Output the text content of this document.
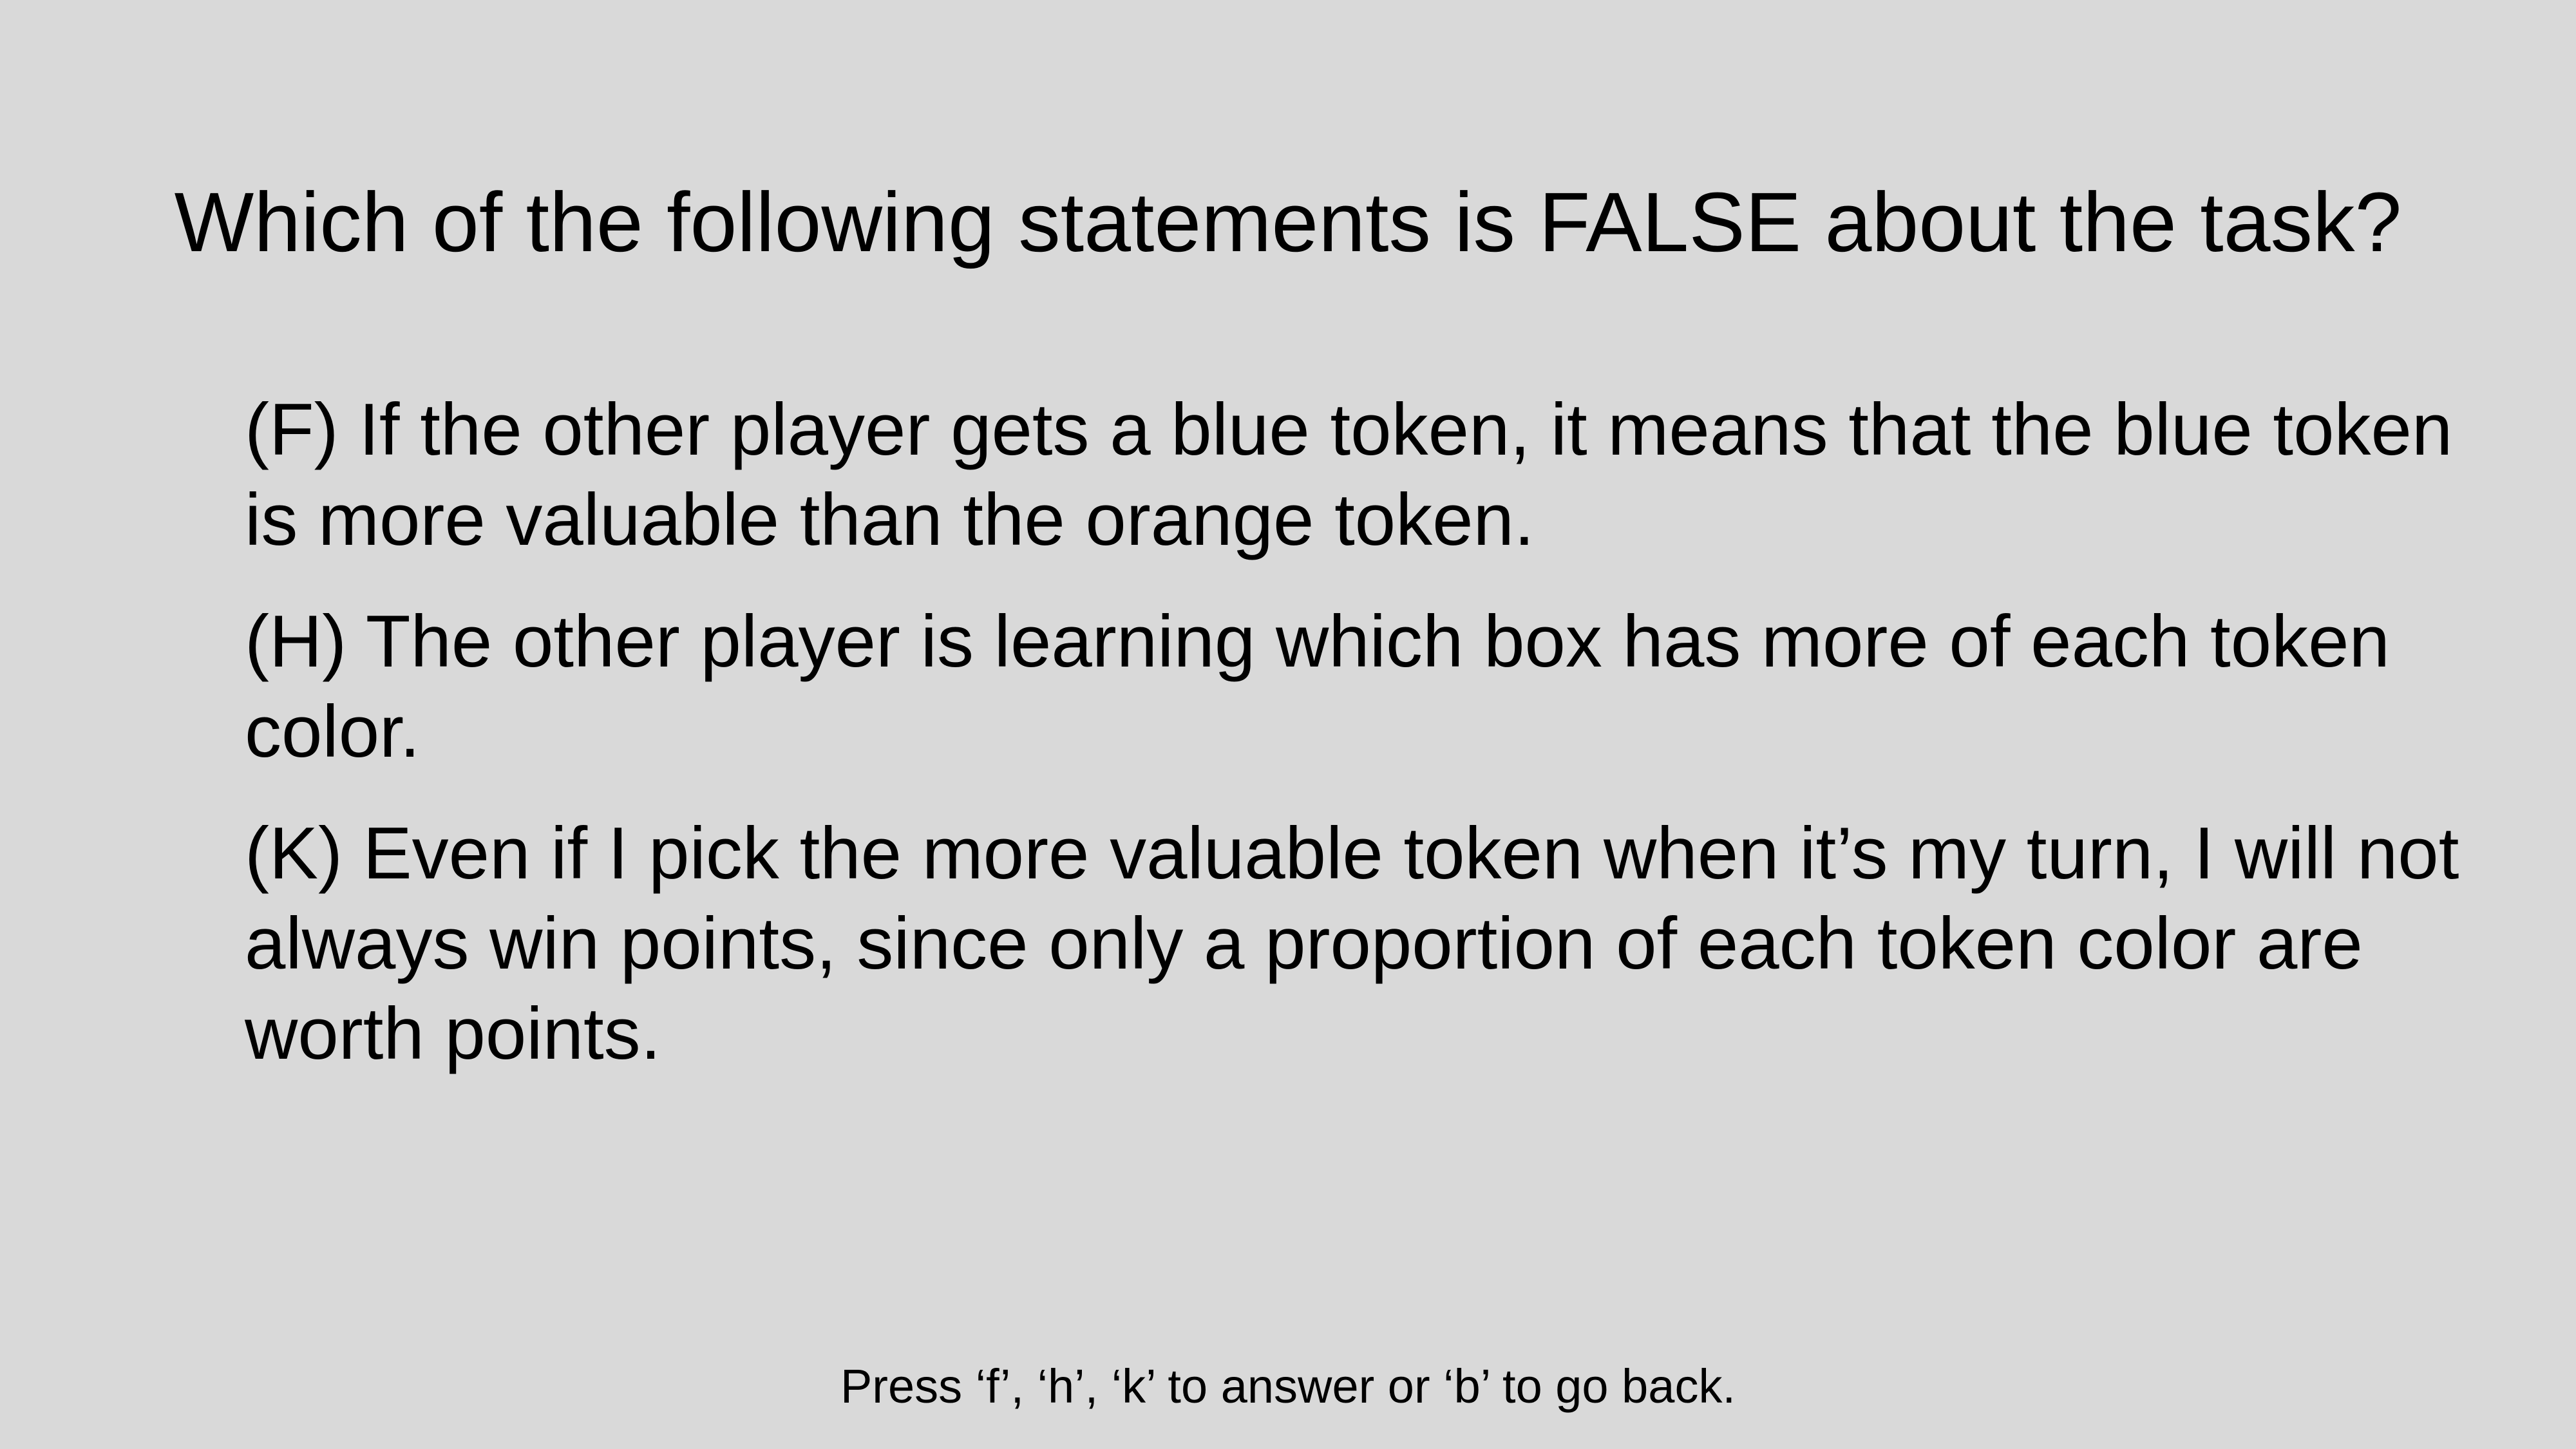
Which of the following statements is FALSE about the task?

(F) If the other player gets a blue token, it means that the blue token is more valuable than the orange token.

(H) The other player is learning which box has more of each token color.

(K) Even if I pick the more valuable token when it’s my turn, I will not always win points, since only a proportion of each token color are worth points.

Press ‘f’, ‘h’, ‘k’ to answer or ‘b’ to go back.
